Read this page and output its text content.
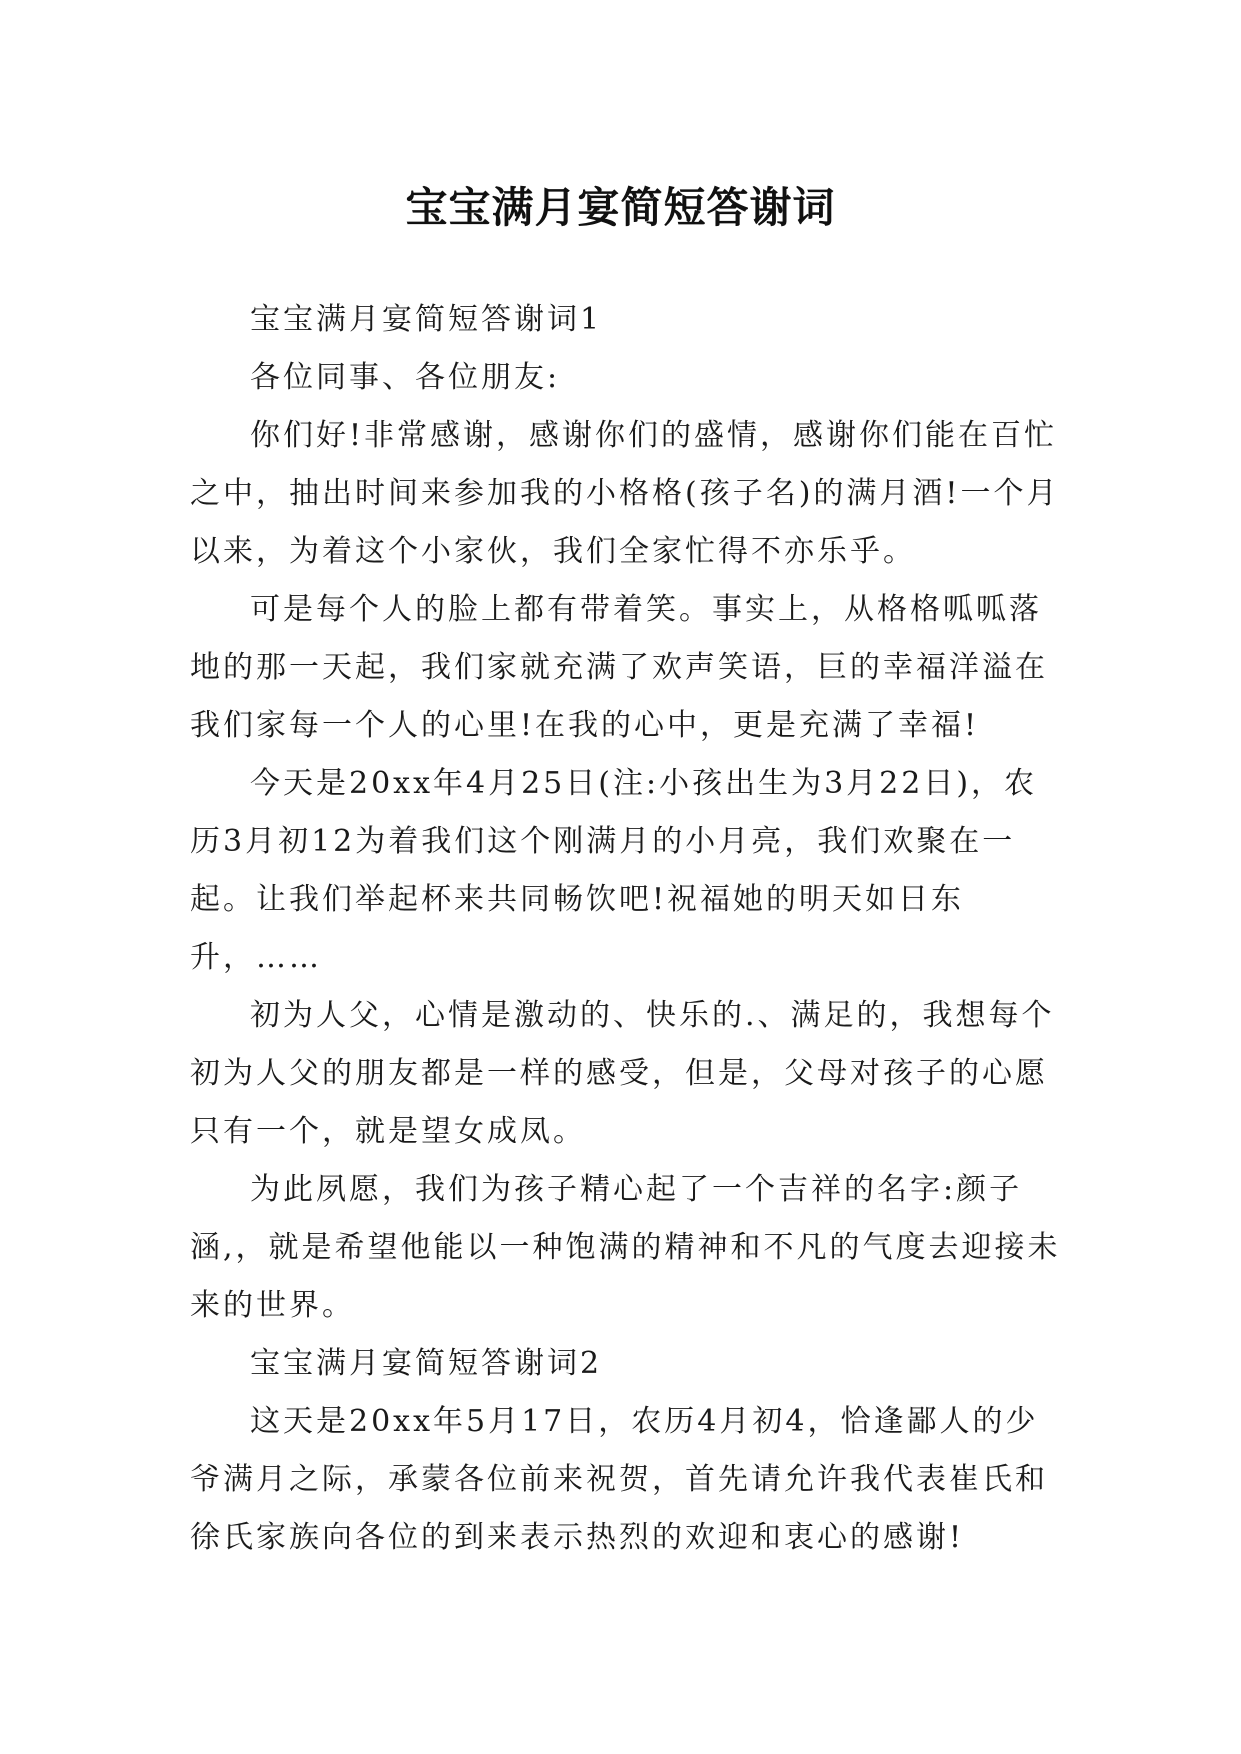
宝宝满月宴简短答谢词

宝宝满月宴简短答谢词1

各位同事、各位朋友:

你们好!非常感谢，感谢你们的盛情，感谢你们能在百忙之中，抽出时间来参加我的小格格(孩子名)的满月酒!一个月以来，为着这个小家伙，我们全家忙得不亦乐乎。

可是每个人的脸上都有带着笑。事实上，从格格呱呱落地的那一天起，我们家就充满了欢声笑语，巨的幸福洋溢在我们家每一个人的心里!在我的心中，更是充满了幸福!

今天是20xx年4月25日(注:小孩出生为3月22日)，农历3月初12为着我们这个刚满月的小月亮，我们欢聚在一起。让我们举起杯来共同畅饮吧!祝福她的明天如日东升，……

初为人父，心情是激动的、快乐的.、满足的，我想每个初为人父的朋友都是一样的感受，但是，父母对孩子的心愿只有一个，就是望女成凤。

为此夙愿，我们为孩子精心起了一个吉祥的名字:颜子涵,，就是希望他能以一种饱满的精神和不凡的气度去迎接未来的世界。

宝宝满月宴简短答谢词2

这天是20xx年5月17日，农历4月初4，恰逢鄙人的少爷满月之际，承蒙各位前来祝贺，首先请允许我代表崔氏和徐氏家族向各位的到来表示热烈的欢迎和衷心的感谢!
